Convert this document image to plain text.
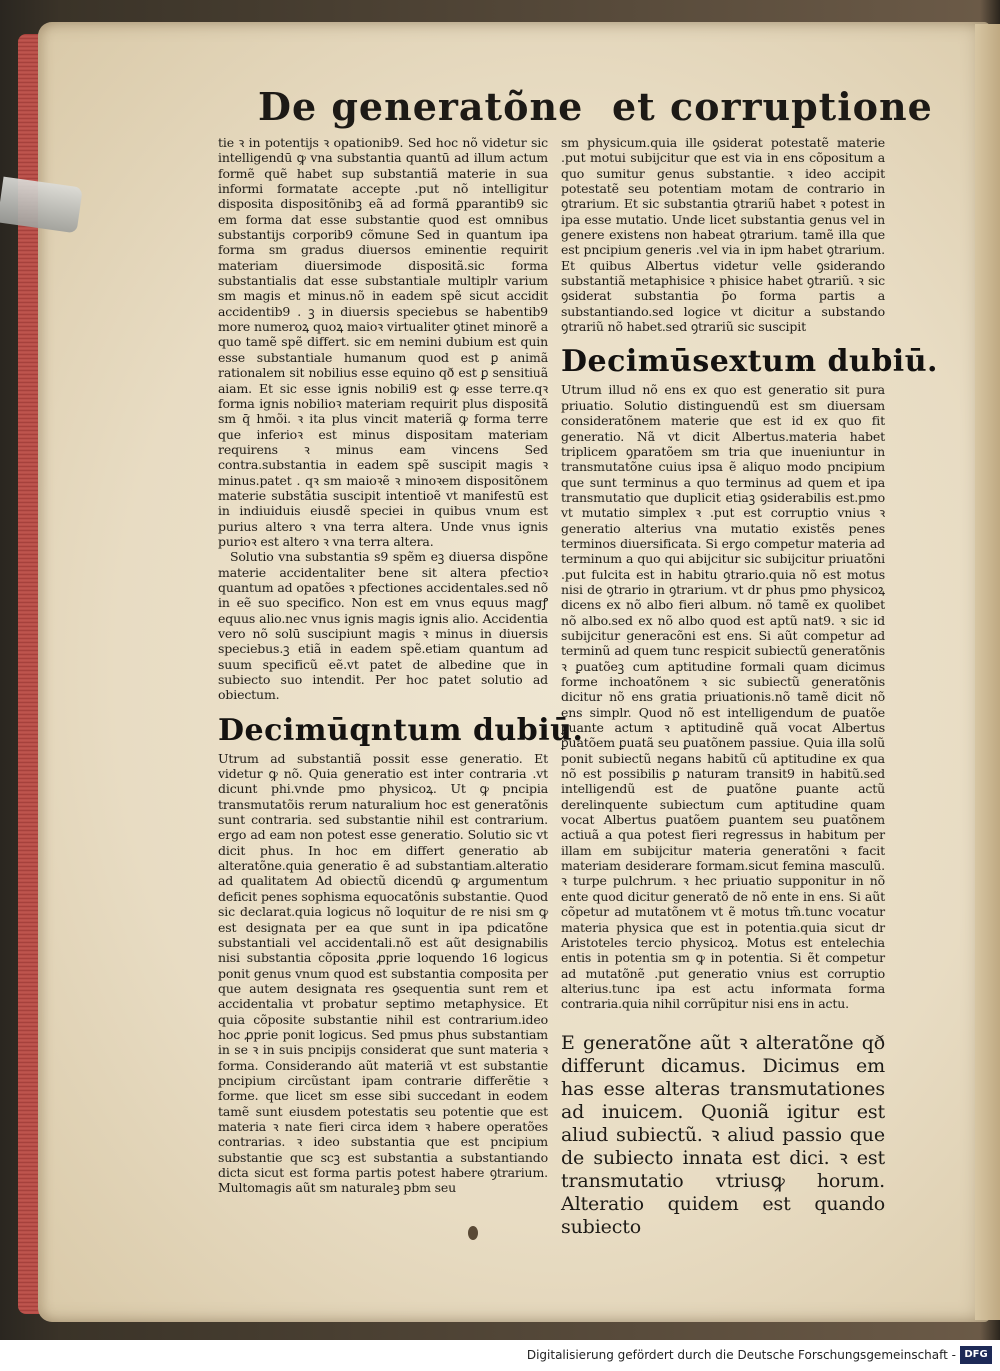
De generatõne et corruptione

tie ꝛ in potentijs ꝛ opationib9. Sed hoc nõ videtur sic intelligendū ꝙ vna substantia quantū ad illum actum formẽ quẽ habet sup substantiã materie in sua informi formatate accepte .put nõ intelligitur disposita dispositõnibꝫ eã ad formã ꝑparantib9 sic em forma dat esse substantie quod est omnibus substantijs corporib9 cõmune Sed in quantum ipa forma sm gradus diuersos eminentie requirit materiam diuersimode dispositã.sic forma substantialis dat esse substantiale multiplr varium sm magis et minus.nõ in eadem spẽ sicut accidit accidentib9 . ꝫ in diuersis speciebus se habentib9 more numeroꝝ quoꝝ maioꝛ virtualiter ꝯtinet minorẽ a quo tamẽ spẽ differt. sic em nemini dubium est quin esse substantiale humanum quod est ꝑ animã rationalem sit nobilius esse equino qð est ꝑ sensitiuã aiam. Et sic esse ignis nobili9 est ꝙ esse terre.qꝛ forma ignis nobilioꝛ materiam requirit plus dispositã sm q̄ hmõi. ꝛ ita plus vincit materiã ꝙ forma terre que inferioꝛ est minus dispositam materiam requirens ꝛ minus eam vincens Sed contra.substantia in eadem spẽ suscipit magis ꝛ minus.patet . qꝛ sm maioꝛẽ ꝛ minoꝛem dispositõnem materie substãtia suscipit intentioẽ vt manifestū est in indiuiduis eiusdẽ speciei in quibus vnum est purius altero ꝛ vna terra altera. Unde vnus ignis purioꝛ est altero ꝛ vna terra altera.

Solutio vna substantia s9 spẽm eꝫ diuersa dispõne materie accidentaliter bene sit altera pfectioꝛ quantum ad opatões ꝛ pfectiones accidentales.sed nõ in eẽ suo specifico. Non est em vnus equus magꝭ equus alio.nec vnus ignis magis ignis alio. Accidentia vero nõ solū suscipiunt magis ꝛ minus in diuersis speciebus.ꝫ etiã in eadem spẽ.etiam quantum ad suum specificũ eẽ.vt patet de albedine que in subiecto suo intendit. Per hoc patet solutio ad obiectum.

Decimūqntum dubiū.

Utrum ad substantiã possit esse generatio. Et videtur ꝙ nõ. Quia generatio est inter contraria .vt dicunt phi.vnde pmo physicoꝝ. Ut ꝙ pncipia transmutatõis rerum naturalium hoc est generatõnis sunt contraria. sed substantie nihil est contrarium. ergo ad eam non potest esse generatio. Solutio sic vt dicit phus. In hoc em differt generatio ab alteratõne.quia generatio ẽ ad substantiam.alteratio ad qualitatem Ad obiectũ dicendū ꝙ argumentum deficit penes sophisma equocatõnis substantie. Quod sic declarat.quia logicus nõ loquitur de re nisi sm ꝙ est designata per ea que sunt in ipa pdicatõne substantiali vel accidentali.nõ est aũt designabilis nisi substantia cõposita ꝓprie loquendo 16 logicus ponit genus vnum quod est substantia composita per que autem designata res ꝯsequentia sunt rem et accidentalia vt probatur septimo metaphysice. Et quia cõposite substantie nihil est contrarium.ideo hoc ꝓprie ponit logicus. Sed pmus phus substantiam in se ꝛ in suis pncipijs considerat que sunt materia ꝛ forma. Considerando aũt materiã vt est substantie pncipium circũstant ipam contrarie differẽtie ꝛ forme. que licet sm esse sibi succedant in eodem tamẽ sunt eiusdem potestatis seu potentie que est materia ꝛ nate fieri circa idem ꝛ habere operatões contrarias. ꝛ ideo substantia que est pncipium substantie que scꝫ est substantia a substantiando dicta sicut est forma partis potest habere ꝯtrarium. Multomagis aũt sm naturaleꝫ pbm seu

sm physicum.quia ille ꝯsiderat potestatẽ materie .put motui subijcitur que est via in ens cõpositum a quo sumitur genus substantie. ꝛ ideo accipit potestatẽ seu potentiam motam de contrario in ꝯtrarium. Et sic substantia ꝯtrariũ habet ꝛ potest in ipa esse mutatio. Unde licet substantia genus vel in genere existens non habeat ꝯtrarium. tamẽ illa que est pncipium generis .vel via in ipm habet ꝯtrarium. Et quibus Albertus videtur velle ꝯsiderando substantiã metaphisice ꝛ phisice habet ꝯtrariũ. ꝛ sic ꝯsiderat substantia p̄o forma partis a substantiando.sed logice vt dicitur a substando ꝯtrariũ nõ habet.sed ꝯtrariũ sic suscipit

Decimūsextum dubiū.

Utrum illud nõ ens ex quo est generatio sit pura priuatio. Solutio distinguendũ est sm diuersam consideratõnem materie que est id ex quo fit generatio. Nã vt dicit Albertus.materia habet triplicem ꝯparatõem sm tria que inueniuntur in transmutatõne cuius ipsa ẽ aliquo modo pncipium que sunt terminus a quo terminus ad quem et ipa transmutatio que duplicit etiaꝫ ꝯsiderabilis est.pmo vt mutatio simplex ꝛ .put est corruptio vnius ꝛ generatio alterius vna mutatio existẽs penes terminos diuersificata. Si ergo competur materia ad terminum a quo qui abijcitur sic subijcitur priuatõni .put fulcita est in habitu ꝯtrario.quia nõ est motus nisi de ꝯtrario in ꝯtrarium. vt dr phus pmo physicoꝝ dicens ex nõ albo fieri album. nõ tamẽ ex quolibet nõ albo.sed ex nõ albo quod est aptũ nat9. ꝛ sic id subijcitur generacõni est ens. Si aũt competur ad terminũ ad quem tunc respicit subiectũ generatõnis ꝛ ꝑuatõeꝫ cum aptitudine formali quam dicimus forme inchoatõnem ꝛ sic subiectũ generatõnis dicitur nõ ens gratia priuationis.nõ tamẽ dicit nõ ens simplr. Quod nõ est intelligendum de ꝑuatõe ꝑuante actum ꝛ aptitudinẽ quã vocat Albertus ꝑuatõem ꝑuatã seu ꝑuatõnem passiue. Quia illa solũ ponit subiectũ negans habitũ cũ aptitudine ex qua nõ est possibilis ꝑ naturam transit9 in habitũ.sed intelligendũ est de ꝑuatõne ꝑuante actũ derelinquente subiectum cum aptitudine quam vocat Albertus ꝑuatõem ꝑuantem seu ꝑuatõnem actiuã a qua potest fieri regressus in habitum per illam em subijcitur materia generatõni ꝛ facit materiam desiderare formam.sicut femina masculũ. ꝛ turpe pulchrum. ꝛ hec priuatio supponitur in nõ ente quod dicitur generatõ de nõ ente in ens. Si aũt cõpetur ad mutatõnem vt ẽ motus tm̃.tunc vocatur materia physica que est in potentia.quia sicut dr Aristoteles tercio physicoꝝ. Motus est entelechia entis in potentia sm ꝙ in potentia. Si ẽt competur ad mutatõnẽ .put generatio vnius est corruptio alterius.tunc ipa est actu informata forma contraria.quia nihil corrũpitur nisi ens in actu.

E generatõne aũt ꝛ alteratõne qð differunt dicamus. Dicimus em has esse alteras transmutationes ad inuicem. Quoniã igitur est aliud subiectũ. ꝛ aliud passio que de subiecto innata est dici. ꝛ est transmutatio vtriusꝙ horum. Alteratio quidem est quando subiecto

Digitalisierung gefördert durch die Deutsche Forschungsgemeinschaft - DFG
